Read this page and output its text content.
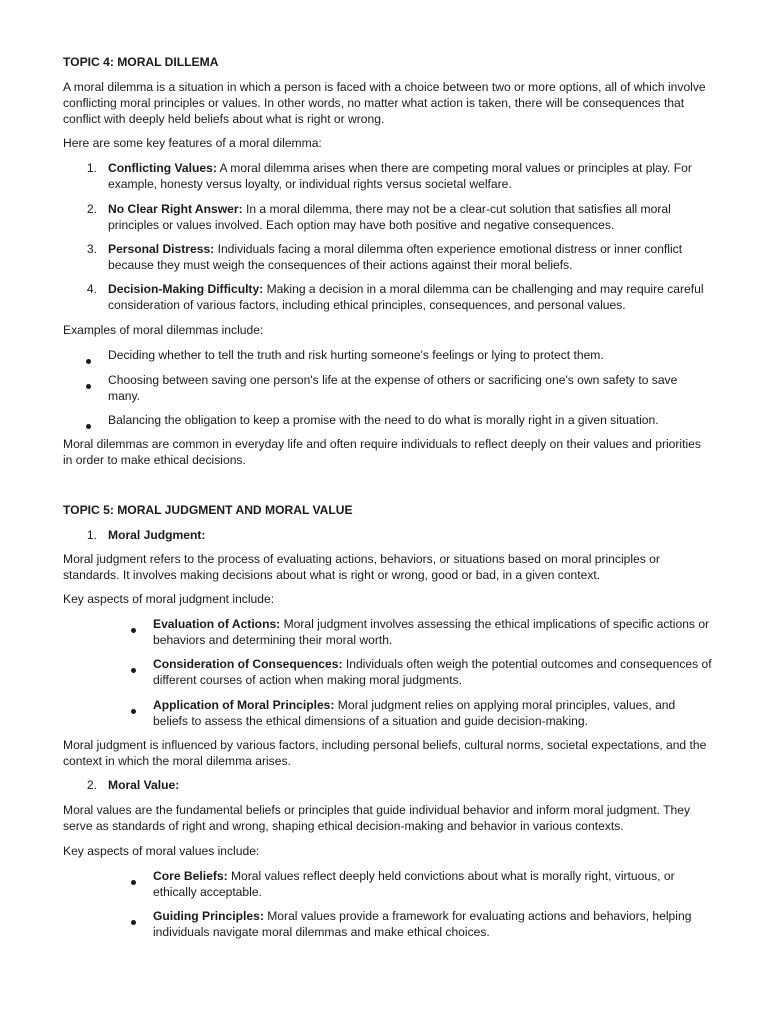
TOPIC 4: MORAL DILLEMA

A moral dilemma is a situation in which a person is faced with a choice between two or more options, all of which involve conflicting moral principles or values. In other words, no matter what action is taken, there will be consequences that conflict with deeply held beliefs about what is right or wrong.

Here are some key features of a moral dilemma:

1. Conflicting Values: A moral dilemma arises when there are competing moral values or principles at play. For example, honesty versus loyalty, or individual rights versus societal welfare.

2. No Clear Right Answer: In a moral dilemma, there may not be a clear-cut solution that satisfies all moral principles or values involved. Each option may have both positive and negative consequences.

3. Personal Distress: Individuals facing a moral dilemma often experience emotional distress or inner conflict because they must weigh the consequences of their actions against their moral beliefs.

4. Decision-Making Difficulty: Making a decision in a moral dilemma can be challenging and may require careful consideration of various factors, including ethical principles, consequences, and personal values.

Examples of moral dilemmas include:

Deciding whether to tell the truth and risk hurting someone's feelings or lying to protect them.

Choosing between saving one person's life at the expense of others or sacrificing one's own safety to save many.

Balancing the obligation to keep a promise with the need to do what is morally right in a given situation.

Moral dilemmas are common in everyday life and often require individuals to reflect deeply on their values and priorities in order to make ethical decisions.

TOPIC 5: MORAL JUDGMENT AND MORAL VALUE

1. Moral Judgment:

Moral judgment refers to the process of evaluating actions, behaviors, or situations based on moral principles or standards. It involves making decisions about what is right or wrong, good or bad, in a given context.

Key aspects of moral judgment include:

Evaluation of Actions: Moral judgment involves assessing the ethical implications of specific actions or behaviors and determining their moral worth.

Consideration of Consequences: Individuals often weigh the potential outcomes and consequences of different courses of action when making moral judgments.

Application of Moral Principles: Moral judgment relies on applying moral principles, values, and beliefs to assess the ethical dimensions of a situation and guide decision-making.

Moral judgment is influenced by various factors, including personal beliefs, cultural norms, societal expectations, and the context in which the moral dilemma arises.

2. Moral Value:

Moral values are the fundamental beliefs or principles that guide individual behavior and inform moral judgment. They serve as standards of right and wrong, shaping ethical decision-making and behavior in various contexts.

Key aspects of moral values include:

Core Beliefs: Moral values reflect deeply held convictions about what is morally right, virtuous, or ethically acceptable.

Guiding Principles: Moral values provide a framework for evaluating actions and behaviors, helping individuals navigate moral dilemmas and make ethical choices.
